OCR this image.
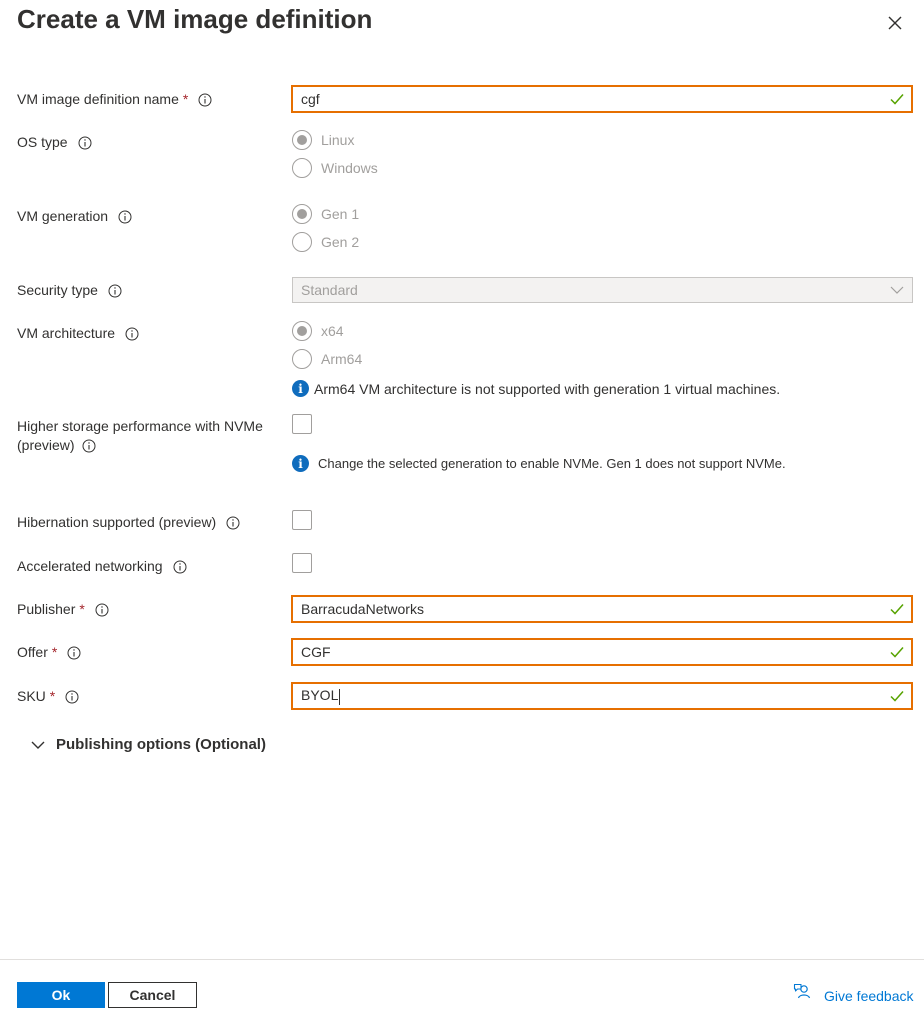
Create a VM image definition
VM image definition name *	cgf
OS type	Linux
Windows
VM generation	Gen 1
Gen 2
Security type	Standard
VM architecture	x64
Arm64
i Arm64 VM architecture is not supported with generation 1 virtual machines.
Higher storage performance with NVMe
(preview)
i	Change the selected generation to enable NVMe. Gen 1 does not support NVMe.
Hibernation supported (preview)
Accelerated networking
Publisher *	BarracudaNetworks
Offer *	CGF
SKU *	BYOL
Publishing options (Optional)
Ok	Cancel	Give feedback
